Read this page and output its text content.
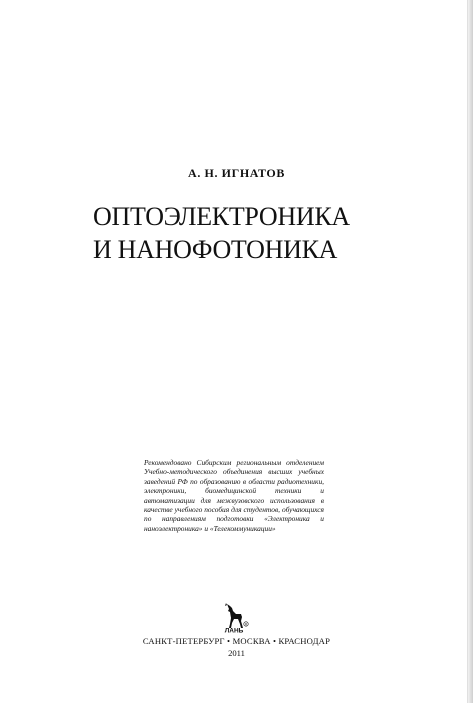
А. Н. ИГНАТОВ
ОПТОЭЛЕКТРОНИКА
И НАНОФОТОНИКА
Рекомендовано Сибирским региональным отделением Учебно-методического объединения высших учебных заведений РФ по образованию в области радиотехники, электроники, биомедицинской техники и автоматизации для межвузовского использования в качестве учебного пособия для студентов, обучающихся по направлениям подготовки «Электроника и наноэлектроника» и «Телекоммуникации»
R
ЛАНЬ
САНКТ-ПЕТЕРБУРГ • МОСКВА • КРАСНОДАР
2011
